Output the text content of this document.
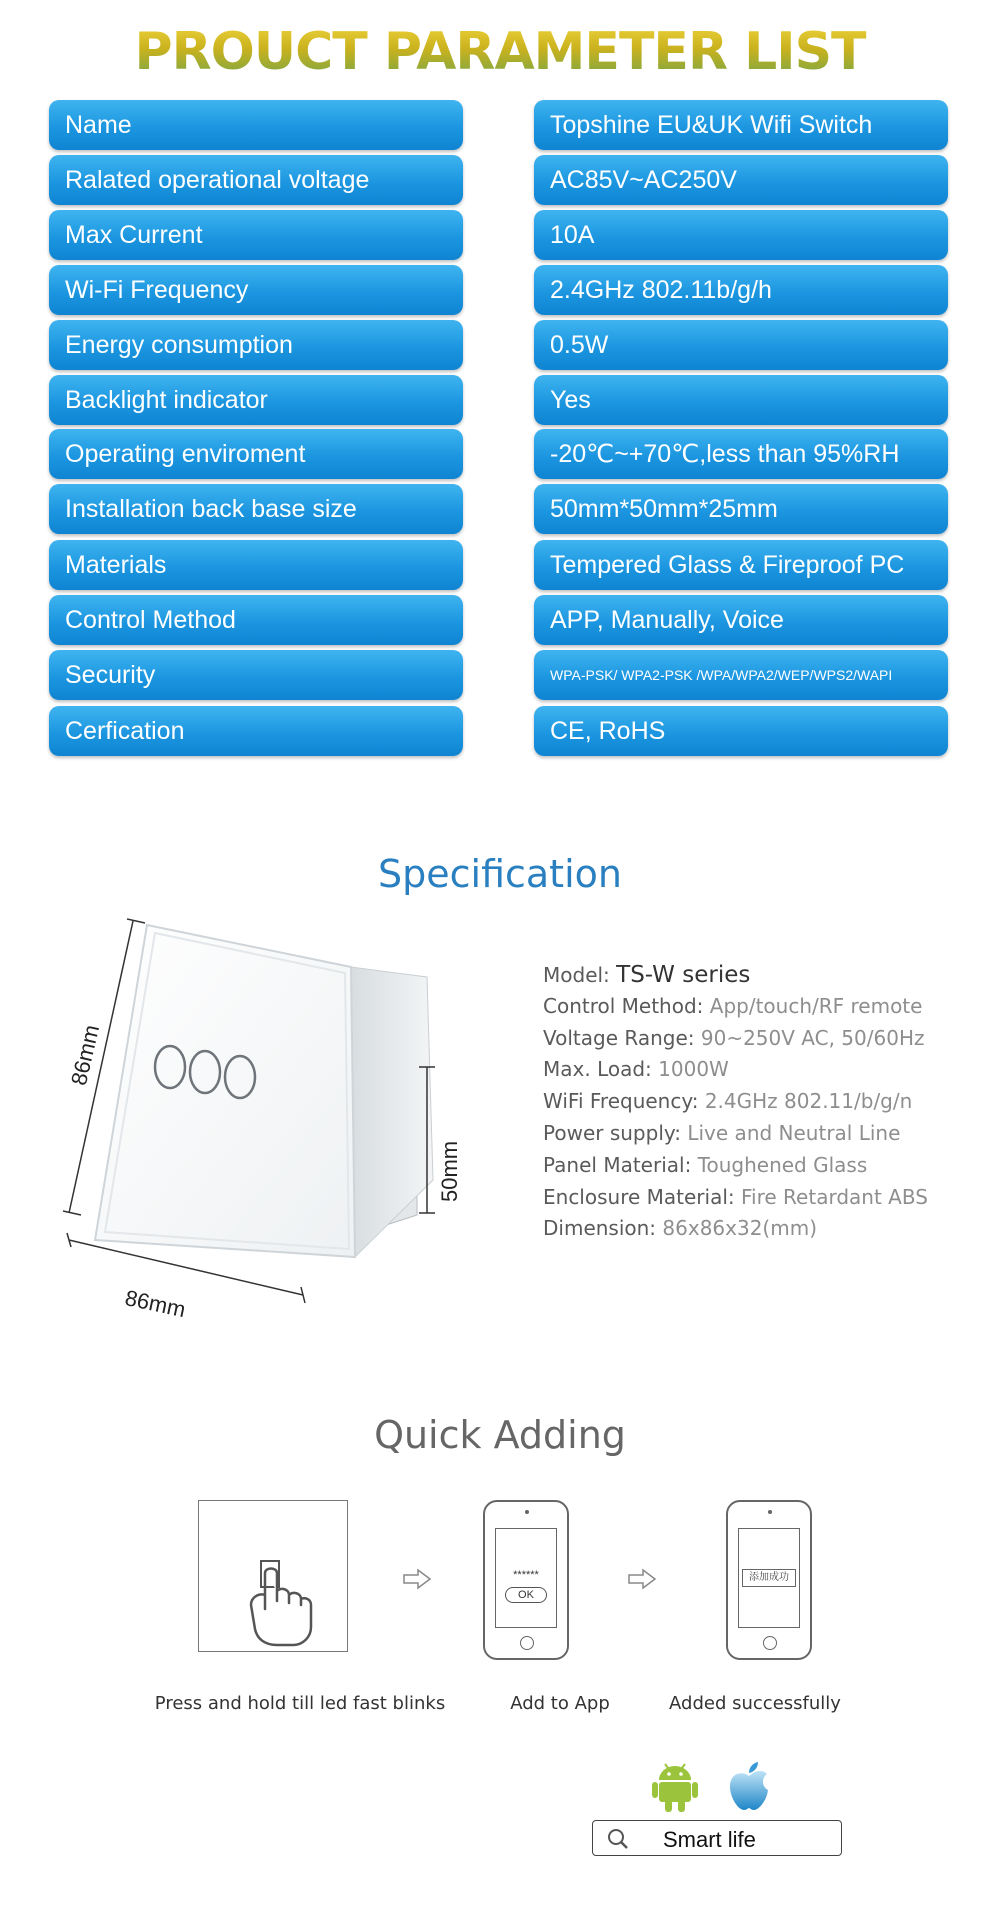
PROUCT PARAMETER LIST
Name	Topshine EU&UK Wifi Switch
Ralated operational voltage	AC85V~AC250V
Max Current	10A
Wi-Fi Frequency	2.4GHz 802.11b/g/h
Energy consumption	0.5W
Backlight indicator	Yes
Operating enviroment	-20℃~+70℃,less than 95%RH
Installation back base size	50mm*50mm*25mm
Materials	Tempered Glass & Fireproof PC
Control Method	APP, Manually, Voice
Security	WPA-PSK/ WPA2-PSK /WPA/WPA2/WEP/WPS2/WAPI
Cerfication	CE, RoHS
Specification
86mm
86mm
50mm
Model: TS-W series
Control Method: App/touch/RF remote
Voltage Range: 90~250V AC, 50/60Hz
Max. Load: 1000W
WiFi Frequency: 2.4GHz 802.11/b/g/n
Power supply: Live and Neutral Line
Panel Material: Toughened Glass
Enclosure Material: Fire Retardant ABS
Dimension: 86x86x32(mm)
Quick Adding
******
OK
添加成功
Press and hold till led fast blinks	Add to App	Added successfully
Smart life
